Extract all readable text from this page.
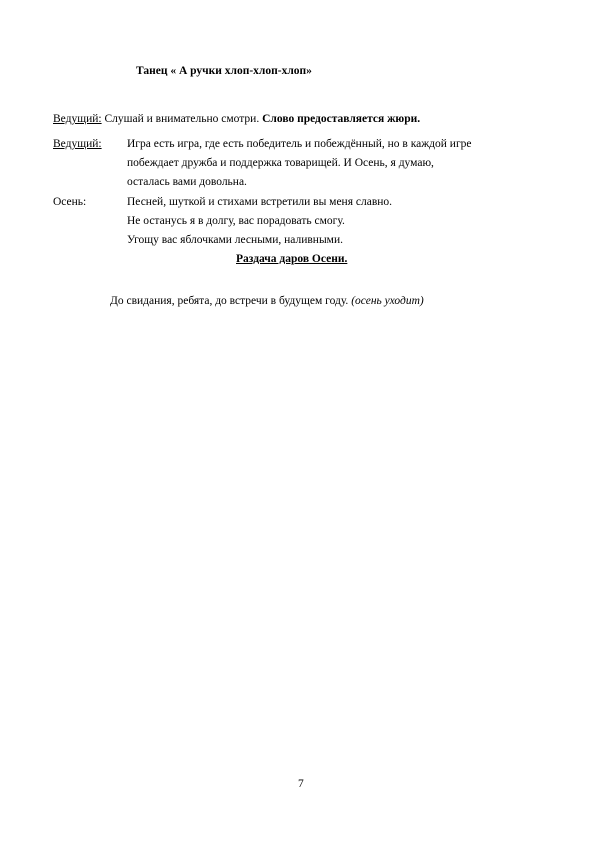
Танец « А ручки хлоп-хлоп-хлоп»
Ведущий: Слушай и внимательно смотри. Слово предоставляется жюри.
Ведущий: Игра есть игра, где есть победитель и побеждённый, но в каждой игре
побеждает дружба и поддержка товарищей. И Осень, я думаю,
осталась вами довольна.
Осень:	Песней, шуткой и стихами встретили вы меня славно.
Не останусь я в долгу, вас порадовать смогу.
Угощу вас яблочками лесными, наливными.
Раздача даров Осени.
До свидания, ребята, до встречи в будущем году. (осень уходит)
7
